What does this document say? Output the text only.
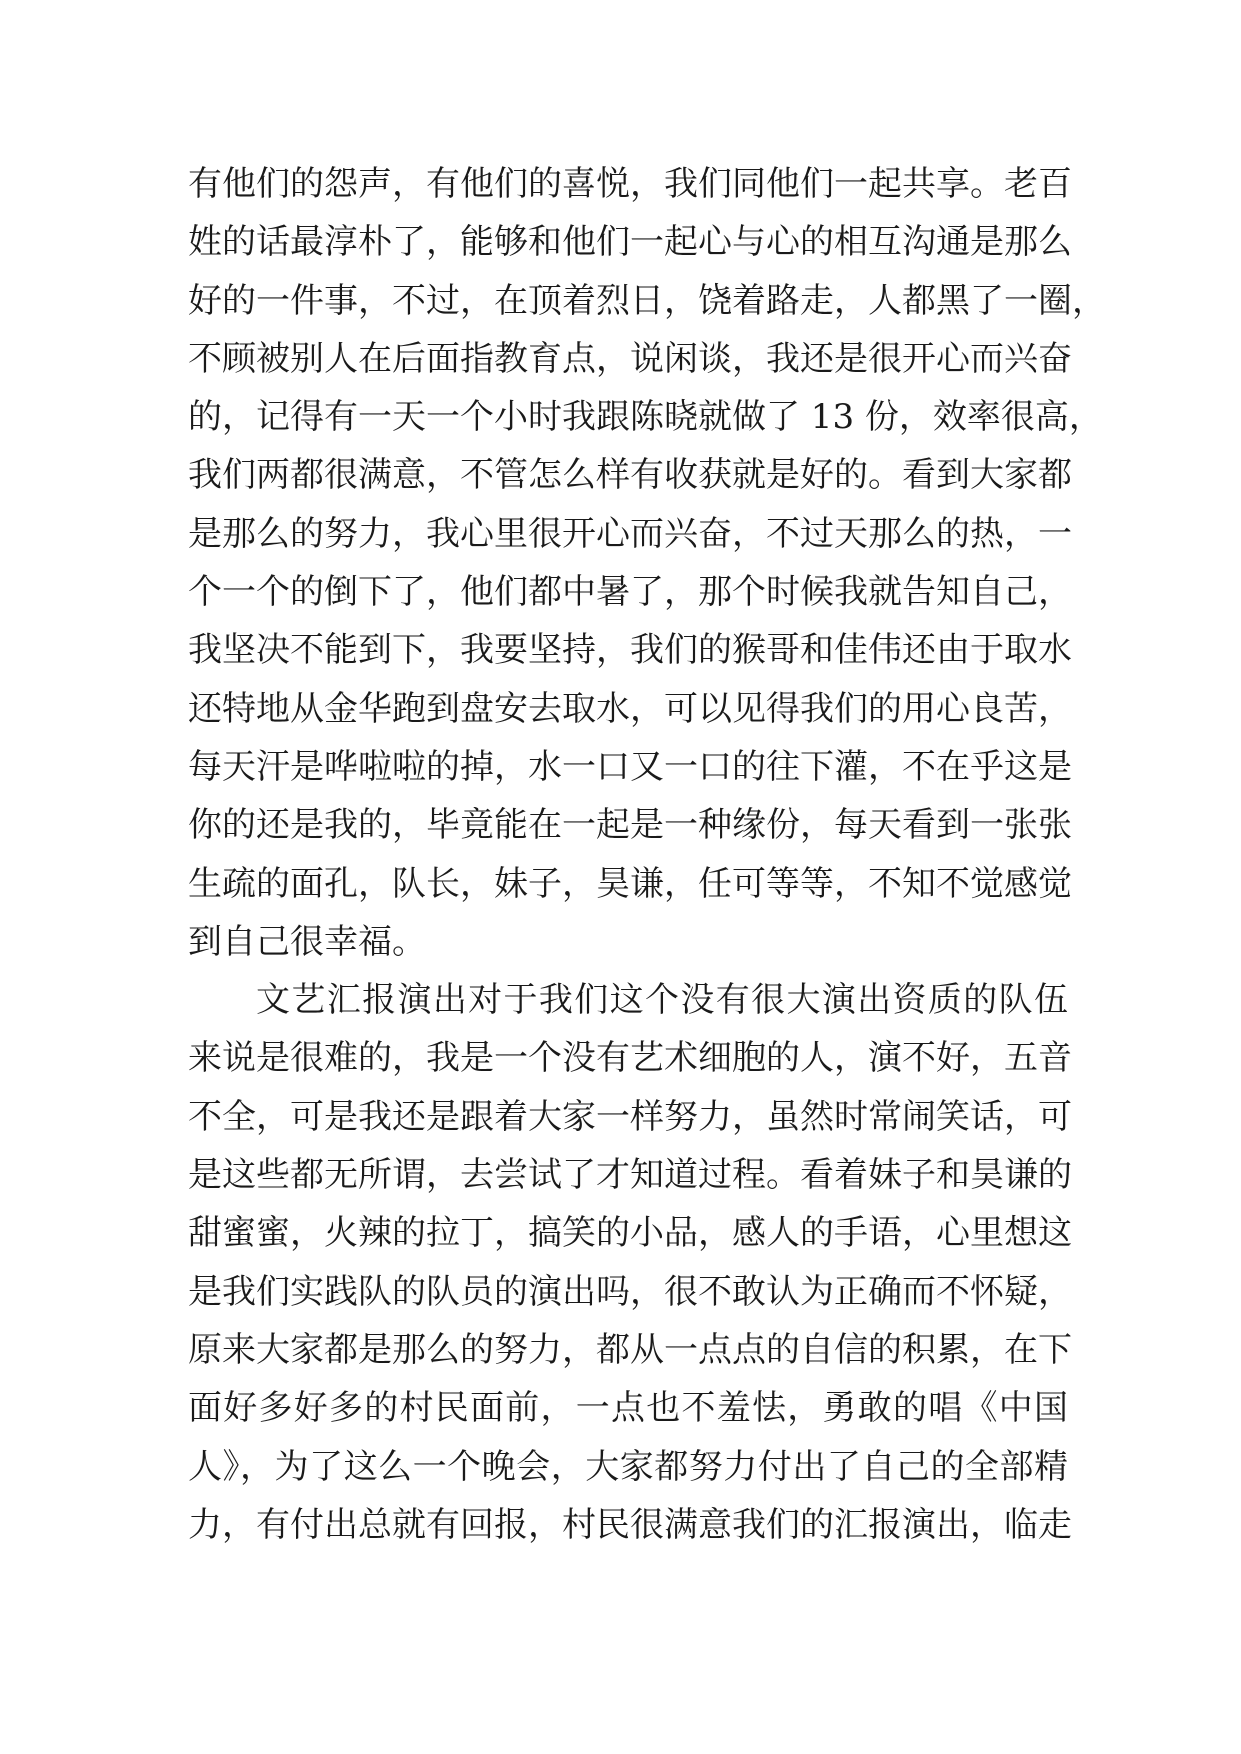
有他们的怨声，有他们的喜悦，我们同他们一起共享。老百
姓的话最淳朴了，能够和他们一起心与心的相互沟通是那么
好的一件事，不过，在顶着烈日，饶着路走，人都黑了一圈，
不顾被别人在后面指教育点，说闲谈，我还是很开心而兴奋
的，记得有一天一个小时我跟陈晓就做了 13 份，效率很高，
我们两都很满意，不管怎么样有收获就是好的。看到大家都
是那么的努力，我心里很开心而兴奋，不过天那么的热，一
个一个的倒下了，他们都中暑了，那个时候我就告知自己，
我坚决不能到下，我要坚持，我们的猴哥和佳伟还由于取水
还特地从金华跑到盘安去取水，可以见得我们的用心良苦，
每天汗是哗啦啦的掉，水一口又一口的往下灌，不在乎这是
你的还是我的，毕竟能在一起是一种缘份，每天看到一张张
生疏的面孔，队长，妹子，昊谦，任可等等，不知不觉感觉
到自己很幸福。
文艺汇报演出对于我们这个没有很大演出资质的队伍
来说是很难的，我是一个没有艺术细胞的人，演不好，五音
不全，可是我还是跟着大家一样努力，虽然时常闹笑话，可
是这些都无所谓，去尝试了才知道过程。看着妹子和昊谦的
甜蜜蜜，火辣的拉丁，搞笑的小品，感人的手语，心里想这
是我们实践队的队员的演出吗，很不敢认为正确而不怀疑，
原来大家都是那么的努力，都从一点点的自信的积累，在下
面好多好多的村民面前，一点也不羞怯，勇敢的唱《中国
人》，为了这么一个晚会，大家都努力付出了自己的全部精
力，有付出总就有回报，村民很满意我们的汇报演出，临走
